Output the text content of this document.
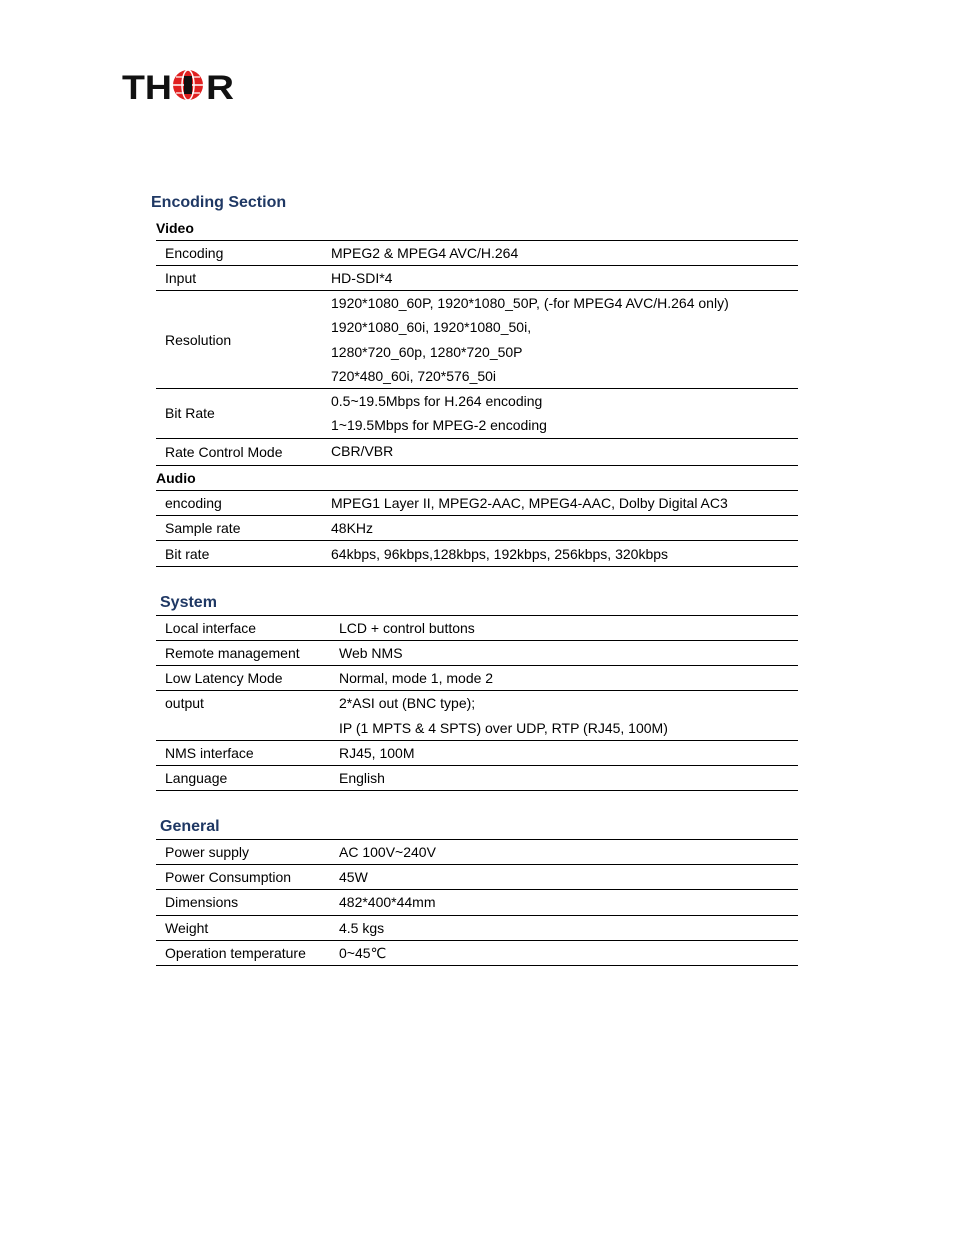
TH R
Encoding Section
Video
Encoding	MPEG2 & MPEG4 AVC/H.264
Input	HD-SDI*4
Resolution
1920*1080_60P, 1920*1080_50P, (-for MPEG4 AVC/H.264 only)
1920*1080_60i, 1920*1080_50i,
1280*720_60p, 1280*720_50P
720*480_60i, 720*576_50i
Bit Rate
0.5~19.5Mbps for H.264 encoding
1~19.5Mbps for MPEG-2 encoding
Rate Control Mode	CBR/VBR
Audio
encoding	MPEG1 Layer II, MPEG2-AAC, MPEG4-AAC, Dolby Digital AC3
Sample rate	48KHz
Bit rate	64kbps, 96kbps,128kbps, 192kbps, 256kbps, 320kbps
System
Local interface	LCD + control buttons
Remote management	Web NMS
Low Latency Mode	Normal, mode 1, mode 2
output	2*ASI out (BNC type);
IP (1 MPTS & 4 SPTS) over UDP, RTP (RJ45, 100M)
NMS interface	RJ45, 100M
Language	English
General
Power supply	AC 100V~240V
Power Consumption	45W
Dimensions	482*400*44mm
Weight	4.5 kgs
Operation temperature 0~45℃
